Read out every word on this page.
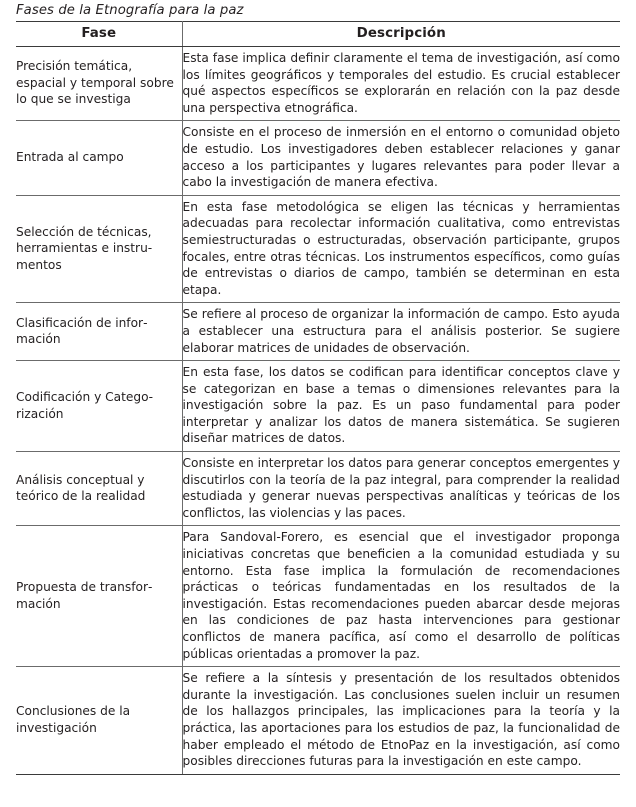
Fases de la Etnografía para la paz
Fase	Descripción

Precisión temática, espacial y temporal sobre lo que se investiga	Esta fase implica definir claramente el tema de investigación, así como los límites geográficos y temporales del estudio. Es crucial establecer qué aspectos específicos se explorarán en relación con la paz desde una perspectiva etnográfica.

Entrada al campo	Consiste en el proceso de inmersión en el entorno o comunidad objeto de estudio. Los investigadores deben establecer relaciones y ganar acceso a los participantes y lugares relevantes para poder llevar a cabo la investigación de manera efectiva.

Selección de técnicas, herramientas e instrumentos	En esta fase metodológica se eligen las técnicas y herramientas adecuadas para recolectar información cualitativa, como entrevistas semiestructuradas o estructuradas, observación participante, grupos focales, entre otras técnicas. Los instrumentos específicos, como guías de entrevistas o diarios de campo, también se determinan en esta etapa.

Clasificación de información	Se refiere al proceso de organizar la información de campo. Esto ayuda a establecer una estructura para el análisis posterior. Se sugiere elaborar matrices de unidades de observación.

Codificación y Categorización	En esta fase, los datos se codifican para identificar conceptos clave y se categorizan en base a temas o dimensiones relevantes para la investigación sobre la paz. Es un paso fundamental para poder interpretar y analizar los datos de manera sistemática. Se sugieren diseñar matrices de datos.

Análisis conceptual y teórico de la realidad	Consiste en interpretar los datos para generar conceptos emergentes y discutirlos con la teoría de la paz integral, para comprender la realidad estudiada y generar nuevas perspectivas analíticas y teóricas de los conflictos, las violencias y las paces.

Propuesta de transformación	Para Sandoval-Forero, es esencial que el investigador proponga iniciativas concretas que beneficien a la comunidad estudiada y su entorno. Esta fase implica la formulación de recomendaciones prácticas o teóricas fundamentadas en los resultados de la investigación. Estas recomendaciones pueden abarcar desde mejoras en las condiciones de paz hasta intervenciones para gestionar conflictos de manera pacífica, así como el desarrollo de políticas públicas orientadas a promover la paz.

Conclusiones de la investigación	Se refiere a la síntesis y presentación de los resultados obtenidos durante la investigación. Las conclusiones suelen incluir un resumen de los hallazgos principales, las implicaciones para la teoría y la práctica, las aportaciones para los estudios de paz, la funcionalidad de haber empleado el método de EtnoPaz en la investigación, así como posibles direcciones futuras para la investigación en este campo.
